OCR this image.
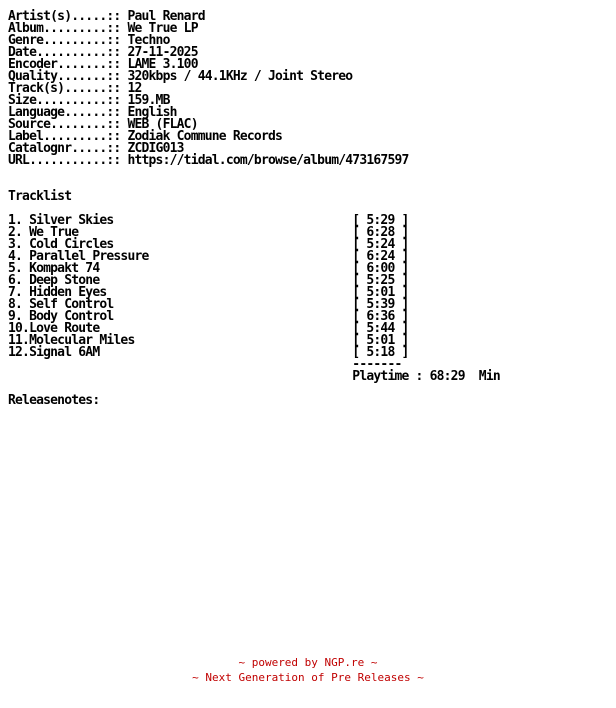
Artist(s).....:: Paul Renard
Album.........:: We True LP
Genre.........:: Techno
Date..........:: 27-11-2025
Encoder.......:: LAME 3.100
Quality.......:: 320kbps / 44.1KHz / Joint Stereo
Track(s)......:: 12
Size..........:: 159.MB
Language......:: English
Source........:: WEB (FLAC)
Label.........:: Zodiak Commune Records
Catalognr.....:: ZCDIG013
URL...........:: https://tidal.com/browse/album/473167597
Tracklist
1. Silver Skies                                  [ 5:29 ]
2. We True                                       [ 6:28 ]
3. Cold Circles                                  [ 5:24 ]
4. Parallel Pressure                             [ 6:24 ]
5. Kompakt 74                                    [ 6:00 ]
6. Deep Stone                                    [ 5:25 ]
7. Hidden Eyes                                   [ 5:01 ]
8. Self Control                                  [ 5:39 ]
9. Body Control                                  [ 6:36 ]
10.Love Route                                    [ 5:44 ]
11.Molecular Miles                               [ 5:01 ]
12.Signal 6AM                                    [ 5:18 ]
-------
Playtime : 68:29  Min
Releasenotes:
~ powered by NGP.re ~
~ Next Generation of Pre Releases ~
